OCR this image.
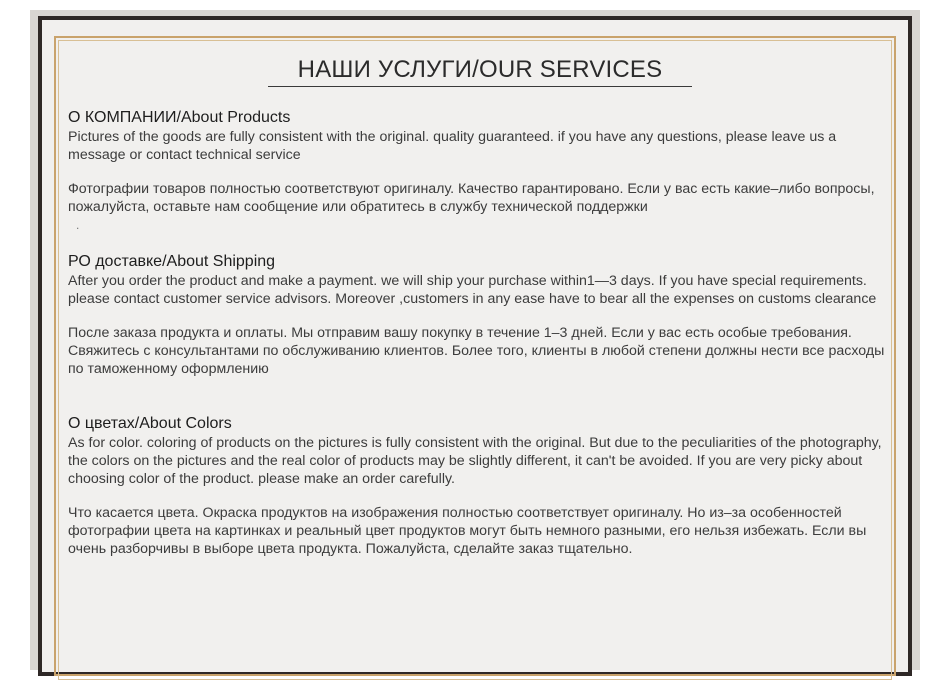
НАШИ УСЛУГИ/OUR SERVICES

О КОМПАНИИ/About Products

Pictures of the goods are fully consistent with the original. quality guaranteed. if you have any questions, please leave us a message or contact technical service

Фотографии товаров полностью соответствуют оригиналу. Качество гарантировано. Если у вас есть какие–либо вопросы, пожалуйста, оставьте нам сообщение или обратитесь в службу технической поддержки

.

РО доставке/About Shipping

After you order the product and make a payment. we will ship your purchase within1—3 days. If you have special requirements. please contact customer service advisors. Moreover ,customers in any ease have to bear all the expenses on customs clearance

После заказа продукта и оплаты. Мы отправим вашу покупку в течение 1–3 дней. Если у вас есть особые требования. Свяжитесь с консультантами по обслуживанию клиентов. Более того, клиенты в любой степени должны нести все расходы по таможенному оформлению

О цветах/About Colors

As for color. coloring of products on the pictures is fully consistent with the original. But due to the peculiarities of the photography, the colors on the pictures and the real color of products may be slightly different, it can't be avoided. If you are very picky about choosing color of the product. please make an order carefully.

Что касается цвета. Окраска продуктов на изображения полностью соответствует оригиналу. Но из–за особенностей фотографии цвета на картинках и реальный цвет продуктов могут быть немного разными, его нельзя избежать. Если вы очень разборчивы в выборе цвета продукта. Пожалуйста, сделайте заказ тщательно.
